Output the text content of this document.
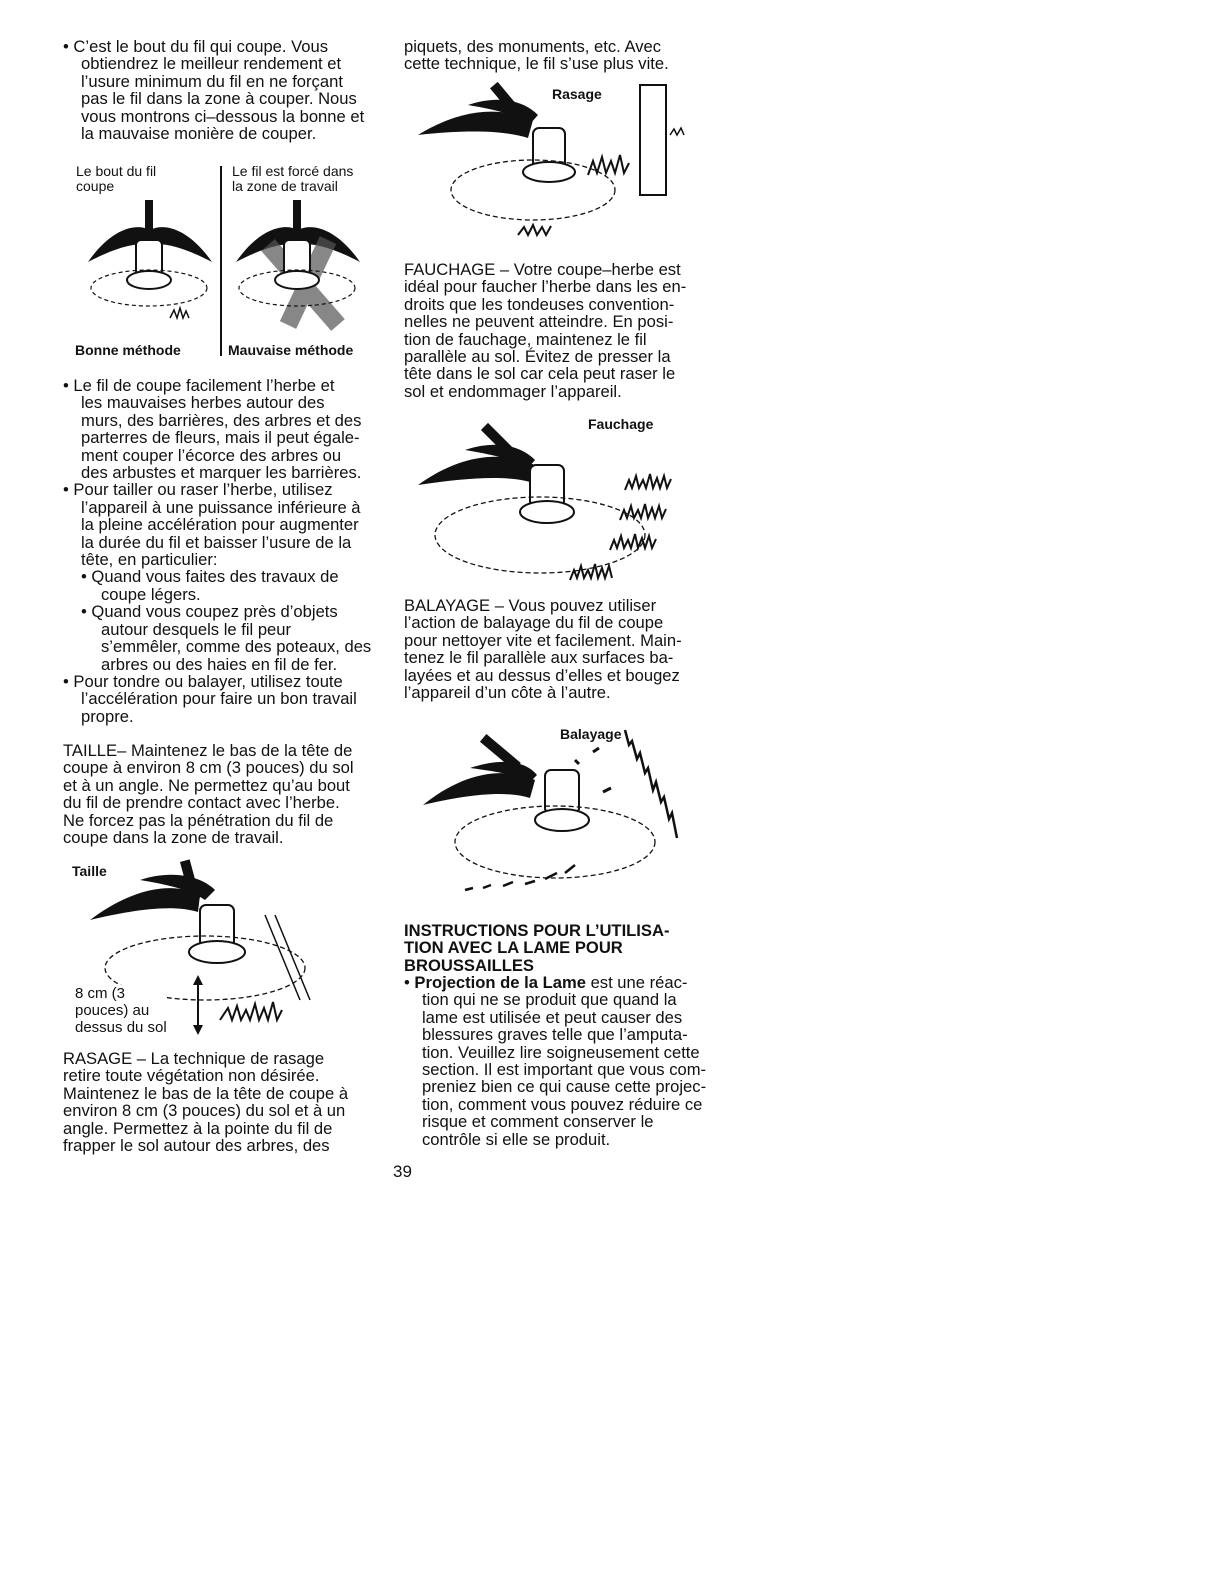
• C’est le bout du fil qui coupe. Vous
obtiendrez le meilleur rendement et
l’usure minimum du fil en ne forçant
pas le fil dans la zone à couper. Nous
vous montrons ci–dessous la bonne et
la mauvaise monière de couper.
Le bout du fil
coupe
Le fil est forcé dans
la zone de travail
Bonne méthode	Mauvaise méthode
• Le fil de coupe facilement l’herbe et
les mauvaises herbes autour des
murs, des barrières, des arbres et des
parterres de fleurs, mais il peut égale-
ment couper l’écorce des arbres ou
des arbustes et marquer les barrières.
• Pour tailler ou raser l’herbe, utilisez
l’appareil à une puissance inférieure à
la pleine accélération pour augmenter
la durée du fil et baisser l’usure de la
tête, en particulier:
• Quand vous faites des travaux de
coupe légers.
• Quand vous coupez près d’objets
autour desquels le fil peur
s’emmêler, comme des poteaux, des
arbres ou des haies en fil de fer.
• Pour tondre ou balayer, utilisez toute
l’accélération pour faire un bon travail
propre.
TAILLE– Maintenez le bas de la tête de
coupe à environ 8 cm (3 pouces) du sol
et à un angle. Ne permettez qu’au bout
du fil de prendre contact avec l’herbe.
Ne forcez pas la pénétration du fil de
coupe dans la zone de travail.
Taille
8 cm (3
pouces) au
dessus du sol
RASAGE – La technique de rasage
retire toute végétation non désirée.
Maintenez le bas de la tête de coupe à
environ 8 cm (3 pouces) du sol et à un
angle. Permettez à la pointe du fil de
frapper le sol autour des arbres, des
piquets, des monuments, etc. Avec
cette technique, le fil s’use plus vite.
Rasage
FAUCHAGE – Votre coupe–herbe est
idéal pour faucher l’herbe dans les en-
droits que les tondeuses convention-
nelles ne peuvent atteindre. En posi-
tion de fauchage, maintenez le fil
parallèle au sol. Évitez de presser la
tête dans le sol car cela peut raser le
sol et endommager l’appareil.
Fauchage
BALAYAGE – Vous pouvez utiliser
l’action de balayage du fil de coupe
pour nettoyer vite et facilement. Main-
tenez le fil parallèle aux surfaces ba-
layées et au dessus d’elles et bougez
l’appareil d’un côte à l’autre.
Balayage
INSTRUCTIONS POUR L’UTILISA-
TION AVEC LA LAME POUR
BROUSSAILLES
• Projection de la Lame est une réac-
tion qui ne se produit que quand la
lame est utilisée et peut causer des
blessures graves telle que l’amputa-
tion. Veuillez lire soigneusement cette
section. Il est important que vous com-
preniez bien ce qui cause cette projec-
tion, comment vous pouvez réduire ce
risque et comment conserver le
contrôle si elle se produit.
39
